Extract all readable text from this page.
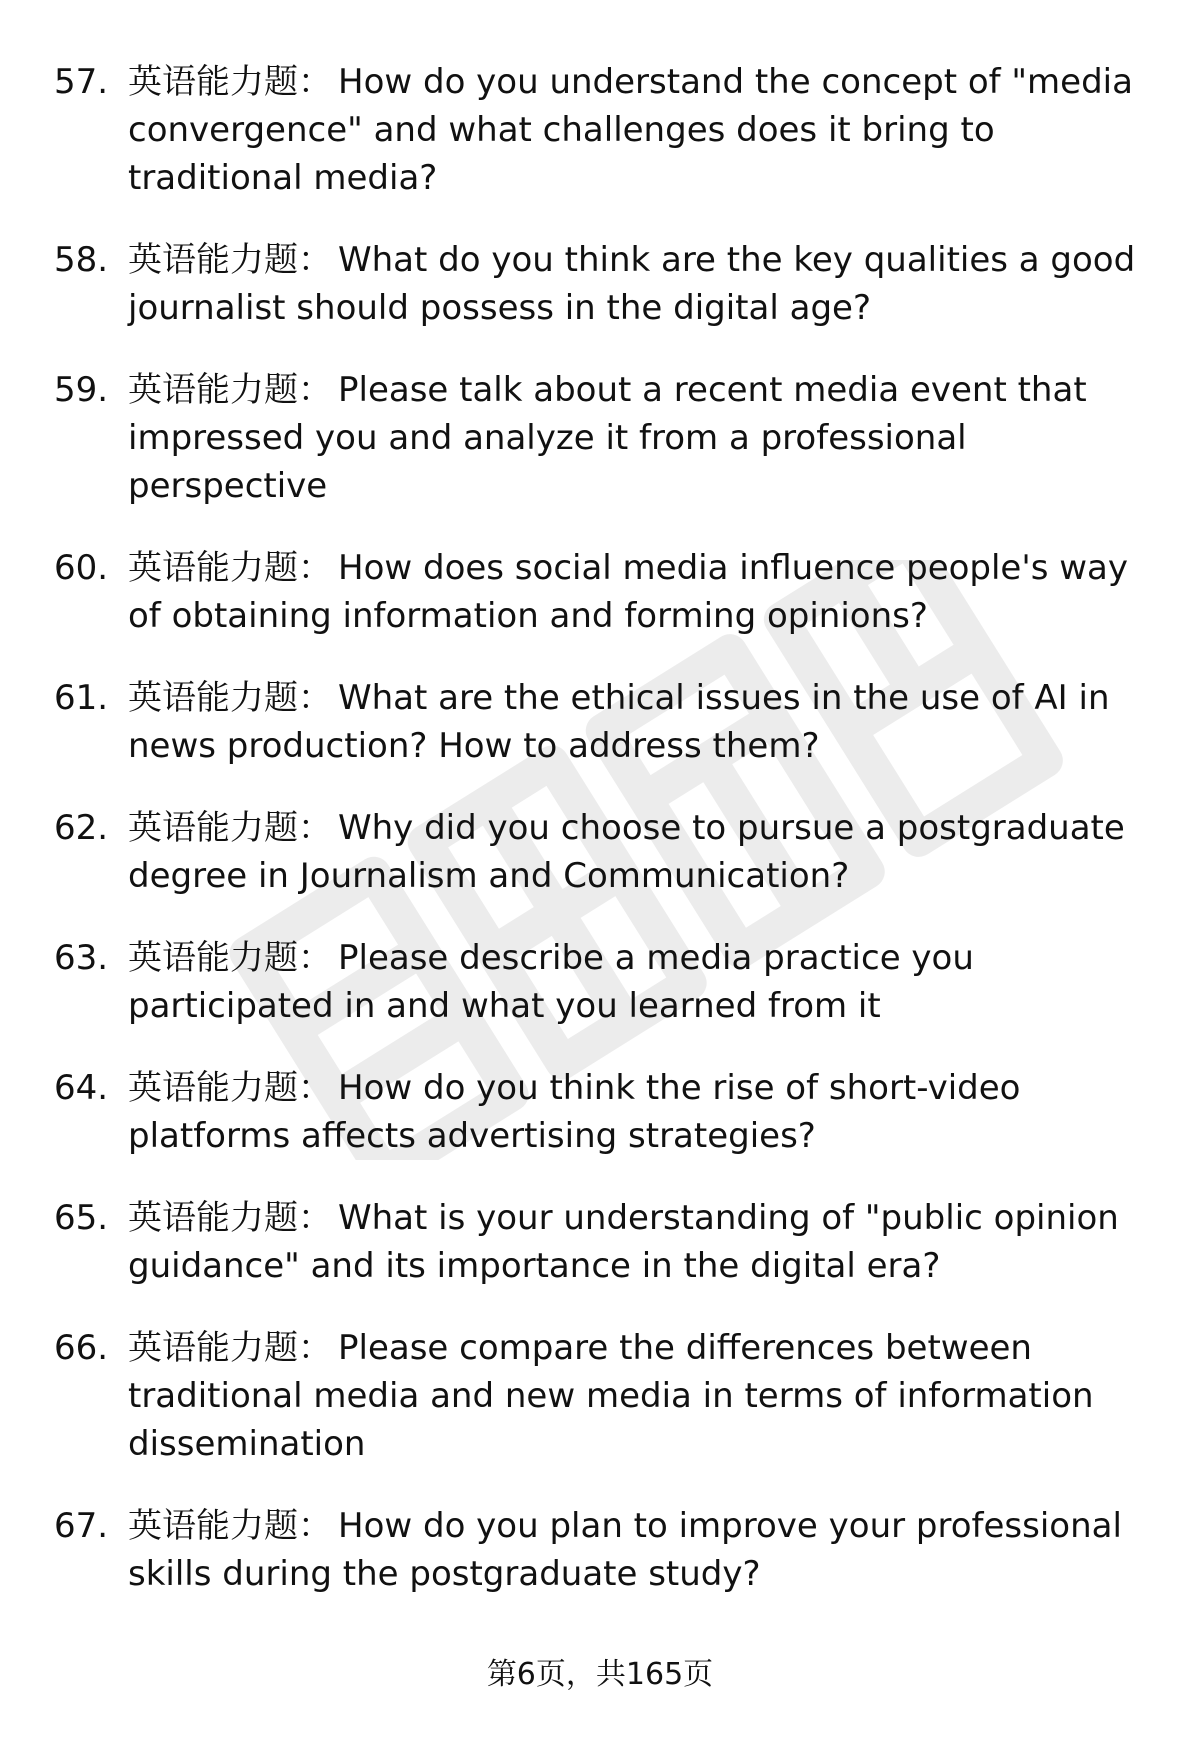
57. 英语能力题： How do you understand the concept of "media convergence" and what challenges does it bring to traditional media?
58. 英语能力题： What do you think are the key qualities a good journalist should possess in the digital age?
59. 英语能力题： Please talk about a recent media event that impressed you and analyze it from a professional perspective
60. 英语能力题： How does social media influence people's way of obtaining information and forming opinions?
61. 英语能力题： What are the ethical issues in the use of AI in news production? How to address them?
62. 英语能力题： Why did you choose to pursue a postgraduate degree in Journalism and Communication?
63. 英语能力题： Please describe a media practice you participated in and what you learned from it
64. 英语能力题： How do you think the rise of short-video platforms affects advertising strategies?
65. 英语能力题： What is your understanding of "public opinion guidance" and its importance in the digital era?
66. 英语能力题： Please compare the differences between traditional media and new media in terms of information dissemination
67. 英语能力题： How do you plan to improve your professional skills during the postgraduate study?
第6页，共165页
